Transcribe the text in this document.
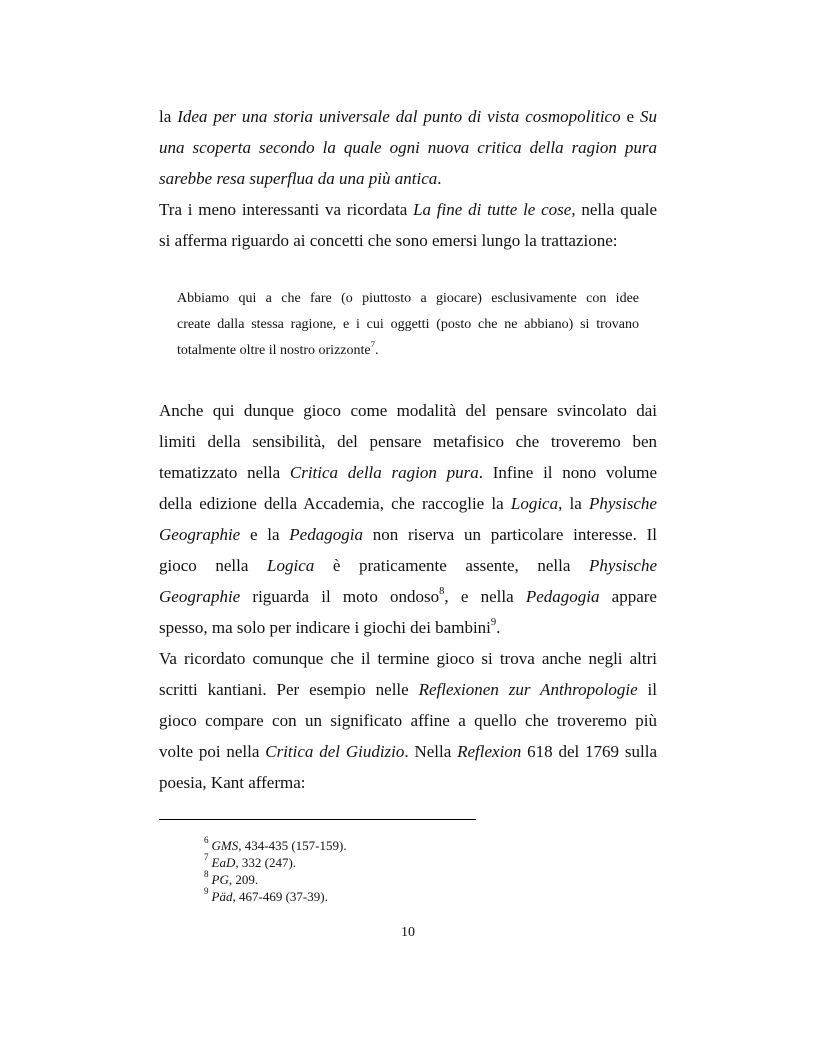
la Idea per una storia universale dal punto di vista cosmopolitico e Su
una scoperta secondo la quale ogni nuova critica della ragion pura
sarebbe resa superflua da una più antica.
Tra i meno interessanti va ricordata La fine di tutte le cose, nella quale
si afferma riguardo ai concetti che sono emersi lungo la trattazione:
Abbiamo qui a che fare (o piuttosto a giocare) esclusivamente con idee
create dalla stessa ragione, e i cui oggetti (posto che ne abbiano) si trovano
totalmente oltre il nostro orizzonte$^7$.
Anche qui dunque gioco come modalità del pensare svincolato dai
limiti della sensibilità, del pensare metafisico che troveremo ben
tematizzato nella Critica della ragion pura. Infine il nono volume
della edizione della Accademia, che raccoglie la Logica, la Physische
Geographie e la Pedagogia non riserva un particolare interesse. Il
gioco nella Logica è praticamente assente, nella Physische
Geographie riguarda il moto ondoso$^8$, e nella Pedagogia appare
spesso, ma solo per indicare i giochi dei bambini$^9$.
Va ricordato comunque che il termine gioco si trova anche negli altri
scritti kantiani. Per esempio nelle Reflexionen zur Anthropologie il
gioco compare con un significato affine a quello che troveremo più
volte poi nella Critica del Giudizio. Nella Reflexion 618 del 1769 sulla
poesia, Kant afferma:
$^6$ GMS, 434-435 (157-159).
$^7$ EaD, 332 (247).
$^8$ PG, 209.
$^9$ Päd, 467-469 (37-39).
10
